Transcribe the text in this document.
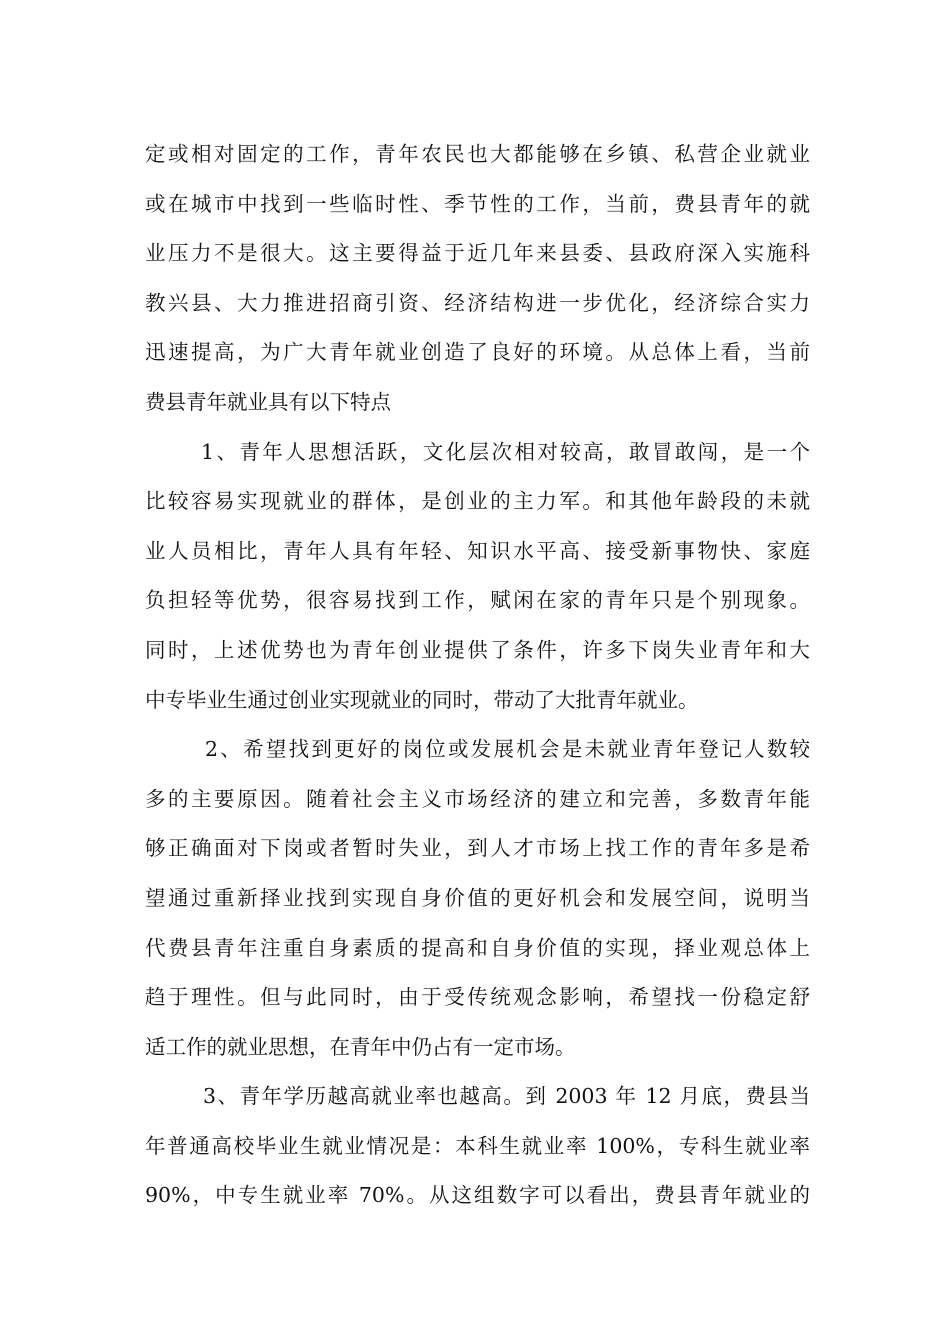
定或相对固定的工作，青年农民也大都能够在乡镇、私营企业就业
或在城市中找到一些临时性、季节性的工作，当前，费县青年的就
业压力不是很大。这主要得益于近几年来县委、县政府深入实施科
教兴县、大力推进招商引资、经济结构进一步优化，经济综合实力
迅速提高，为广大青年就业创造了良好的环境。从总体上看，当前
费县青年就业具有以下特点
1、青年人思想活跃，文化层次相对较高，敢冒敢闯，是一个
比较容易实现就业的群体，是创业的主力军。和其他年龄段的未就
业人员相比，青年人具有年轻、知识水平高、接受新事物快、家庭
负担轻等优势，很容易找到工作，赋闲在家的青年只是个别现象。
同时，上述优势也为青年创业提供了条件，许多下岗失业青年和大
中专毕业生通过创业实现就业的同时，带动了大批青年就业。
2、希望找到更好的岗位或发展机会是未就业青年登记人数较
多的主要原因。随着社会主义市场经济的建立和完善，多数青年能
够正确面对下岗或者暂时失业，到人才市场上找工作的青年多是希
望通过重新择业找到实现自身价值的更好机会和发展空间，说明当
代费县青年注重自身素质的提高和自身价值的实现，择业观总体上
趋于理性。但与此同时，由于受传统观念影响，希望找一份稳定舒
适工作的就业思想，在青年中仍占有一定市场。
3、青年学历越高就业率也越高。到 2003 年 12 月底，费县当
年普通高校毕业生就业情况是：本科生就业率 100%，专科生就业率
90%，中专生就业率 70%。从这组数字可以看出，费县青年就业的
